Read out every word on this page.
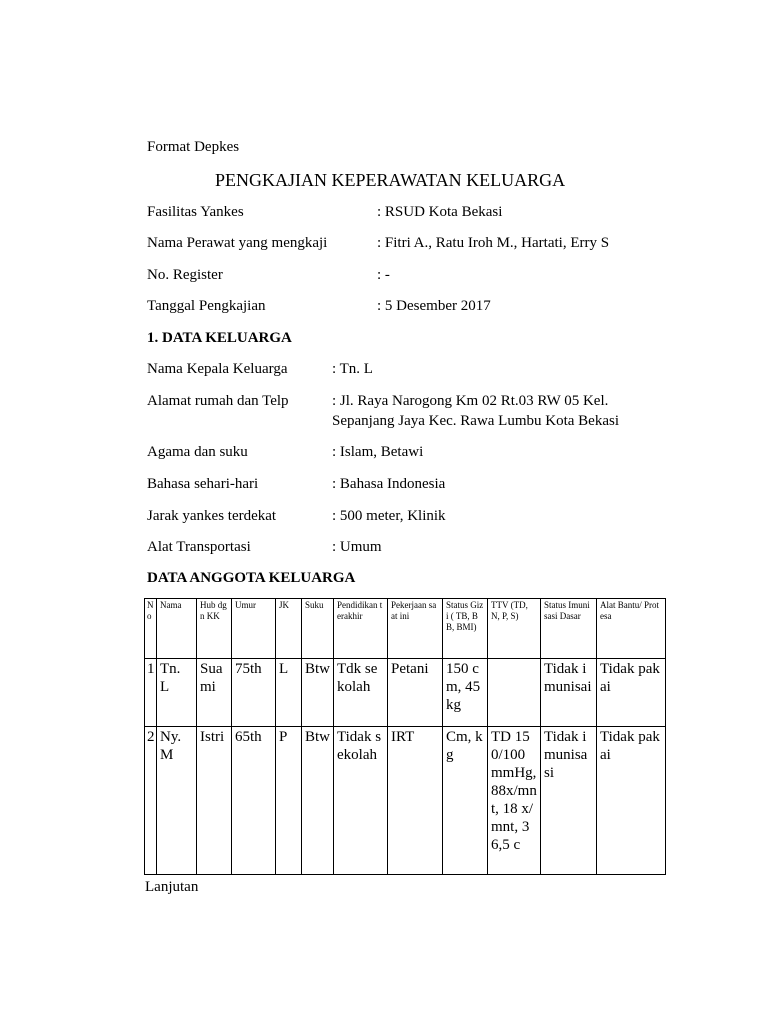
Format Depkes
PENGKAJIAN KEPERAWATAN KELUARGA
Fasilitas Yankes	: RSUD Kota Bekasi
Nama Perawat yang mengkaji	: Fitri A., Ratu Iroh M., Hartati, Erry S
No. Register	: -
Tanggal Pengkajian	: 5 Desember 2017
1. DATA KELUARGA
Nama Kepala Keluarga	: Tn. L
Alamat rumah dan Telp	: Jl. Raya Narogong Km 02 Rt.03 RW 05 Kel.
Sepanjang Jaya Kec. Rawa Lumbu Kota Bekasi
Agama dan suku	: Islam, Betawi
Bahasa sehari-hari	: Bahasa Indonesia
Jarak yankes terdekat	: 500 meter, Klinik
Alat Transportasi	: Umum
DATA ANGGOTA KELUARGA
No	Nama	Hub dgn KK	Umur	JK	Suku	Pendidikan terakhir	Pekerjaan saat ini	Status Gizi ( TB, BB, BMI)	TTV (TD, N, P, S)	Status Imunisasi Dasar	Alat Bantu/ Protesa
1	Tn. L	Suami	75th	L	Btw	Tdk sekolah	Petani	150 cm, 45 kg		Tidak imunisai	Tidak pakai
2	Ny. M	Istri	65th	P	Btw	Tidak sekolah	IRT	Cm, kg	TD 150/100 mmHg, 88x/mnt, 18 x/mnt, 36,5 c	Tidak imunisasi	Tidak pakai
Lanjutan
